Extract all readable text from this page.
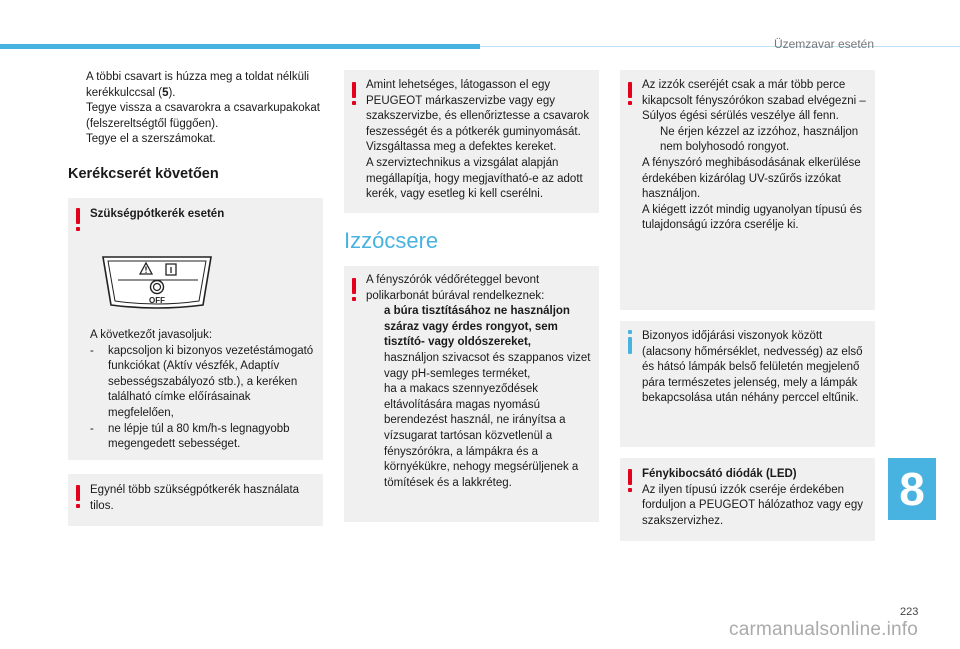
Üzemzavar esetén
A többi csavart is húzza meg a toldat nélküli kerékkulccsal (5).
Tegye vissza a csavarokra a csavarkupakokat (felszereltségtől függően).
Tegye el a szerszámokat.
Kerékcserét követően
Szükségpótkerék esetén
OFF
A következőt javasoljuk:
- kapcsoljon ki bizonyos vezetéstámogató funkciókat (Aktív vészfék, Adaptív sebességszabályozó stb.), a keréken található címke előírásainak megfelelően,
- ne lépje túl a 80 km/h-s legnagyobb megengedett sebességet.
Egynél több szükségpótkerék használata tilos.
Amint lehetséges, látogasson el egy PEUGEOT márkaszervizbe vagy egy szakszervizbe, és ellenőriztesse a csavarok feszességét és a pótkerék guminyomását.
Vizsgáltassa meg a defektes kereket.
A szerviztechnikus a vizsgálat alapján megállapítja, hogy megjavítható-e az adott kerék, vagy esetleg ki kell cserélni.
Izzócsere
A fényszórók védőréteggel bevont polikarbonát búrával rendelkeznek:
a búra tisztításához ne használjon száraz vagy érdes rongyot, sem tisztító- vagy oldószereket,
használjon szivacsot és szappanos vizet vagy pH-semleges terméket,
ha a makacs szennyeződések eltávolítására magas nyomású berendezést használ, ne irányítsa a vízsugarat tartósan közvetlenül a fényszórókra, a lámpákra és a környékükre, nehogy megsérüljenek a tömítések és a lakkréteg.
Az izzók cseréjét csak a már több perce kikapcsolt fényszórókon szabad elvégezni – Súlyos égési sérülés veszélye áll fenn.
Ne érjen kézzel az izzóhoz, használjon nem bolyhosodó rongyot.
A fényszóró meghibásodásának elkerülése érdekében kizárólag UV-szűrős izzókat használjon.
A kiégett izzót mindig ugyanolyan típusú és tulajdonságú izzóra cserélje ki.
Bizonyos időjárási viszonyok között (alacsony hőmérséklet, nedvesség) az első és hátsó lámpák belső felületén megjelenő pára természetes jelenség, mely a lámpák bekapcsolása után néhány perccel eltűnik.
Fénykibocsátó diódák (LED)
Az ilyen típusú izzók cseréje érdekében forduljon a PEUGEOT hálózathoz vagy egy szakszervizhez.
8
223
carmanualsonline.info
